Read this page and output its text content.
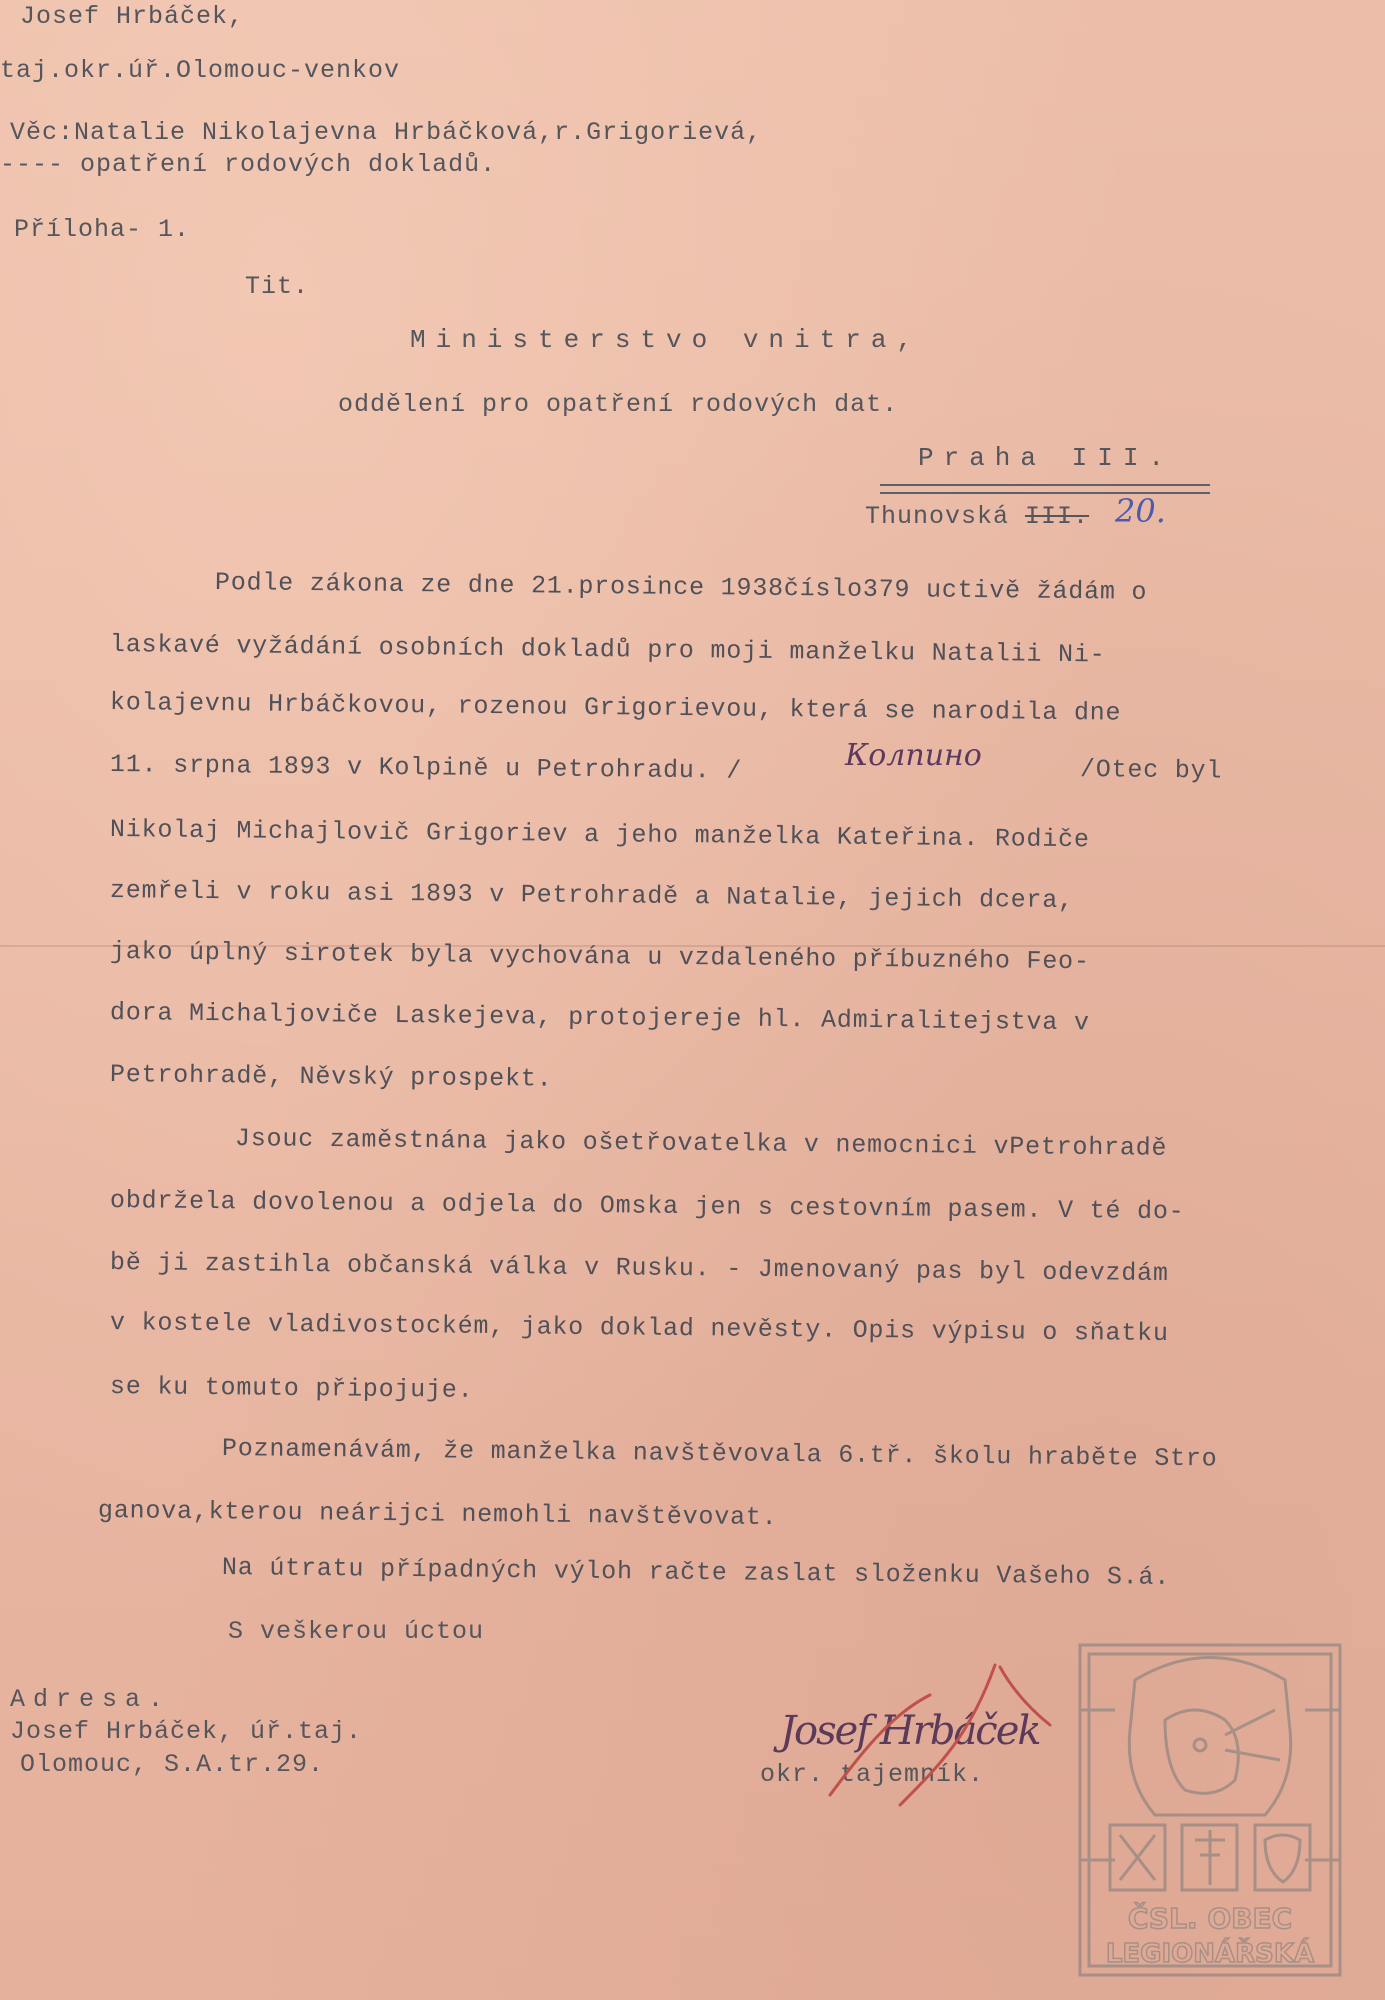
Josef Hrbáček,
taj.okr.úř.Olomouc-venkov
Věc:Natalie Nikolajevna Hrbáčková,r.Grigorievá,
---- opatření rodových dokladů.
Příloha- 1.
Tit.
Ministerstvo vnitra,
oddělení pro opatření rodových dat.
Praha III.
Thunovská III. 20.
Podle zákona ze dne 21.prosince 1938číslo379 uctivě žádám o
laskavé vyžádání osobních dokladů pro moji manželku Natalii Ni-
kolajevnu Hrbáčkovou, rozenou Grigorievou, která se narodila dne
11. srpna 1893 v Kolpině u Petrohradu. /	Колпино	/Otec byl
Nikolaj Michajlovič Grigoriev a jeho manželka Kateřina. Rodiče
zemřeli v roku asi 1893 v Petrohradě a Natalie, jejich dcera,
jako úplný sirotek byla vychována u vzdaleného příbuzného Feo-
dora Michaljoviče Laskejeva, protojereje hl. Admiralitejstva v
Petrohradě, Něvský prospekt.
Jsouc zaměstnána jako ošetřovatelka v nemocnici vPetrohradě
obdržela dovolenou a odjela do Omska jen s cestovním pasem. V té do-
bě ji zastihla občanská válka v Rusku. - Jmenovaný pas byl odevzdám
v kostele vladivostockém, jako doklad nevěsty. Opis výpisu o sňatku
se ku tomuto připojuje.
Poznamenávám, že manželka navštěvovala 6.tř. školu hraběte Stro
ganova,kterou neárijci nemohli navštěvovat.
Na útratu případných výloh račte zaslat složenku Vašeho S.á.
S veškerou úctou
Adresa.
Josef Hrbáček, úř.taj.
Olomouc, S.A.tr.29.
Josef Hrbáček
okr. tajemník.
ČSL. OBEC
LEGIONÁŘSKÁ
